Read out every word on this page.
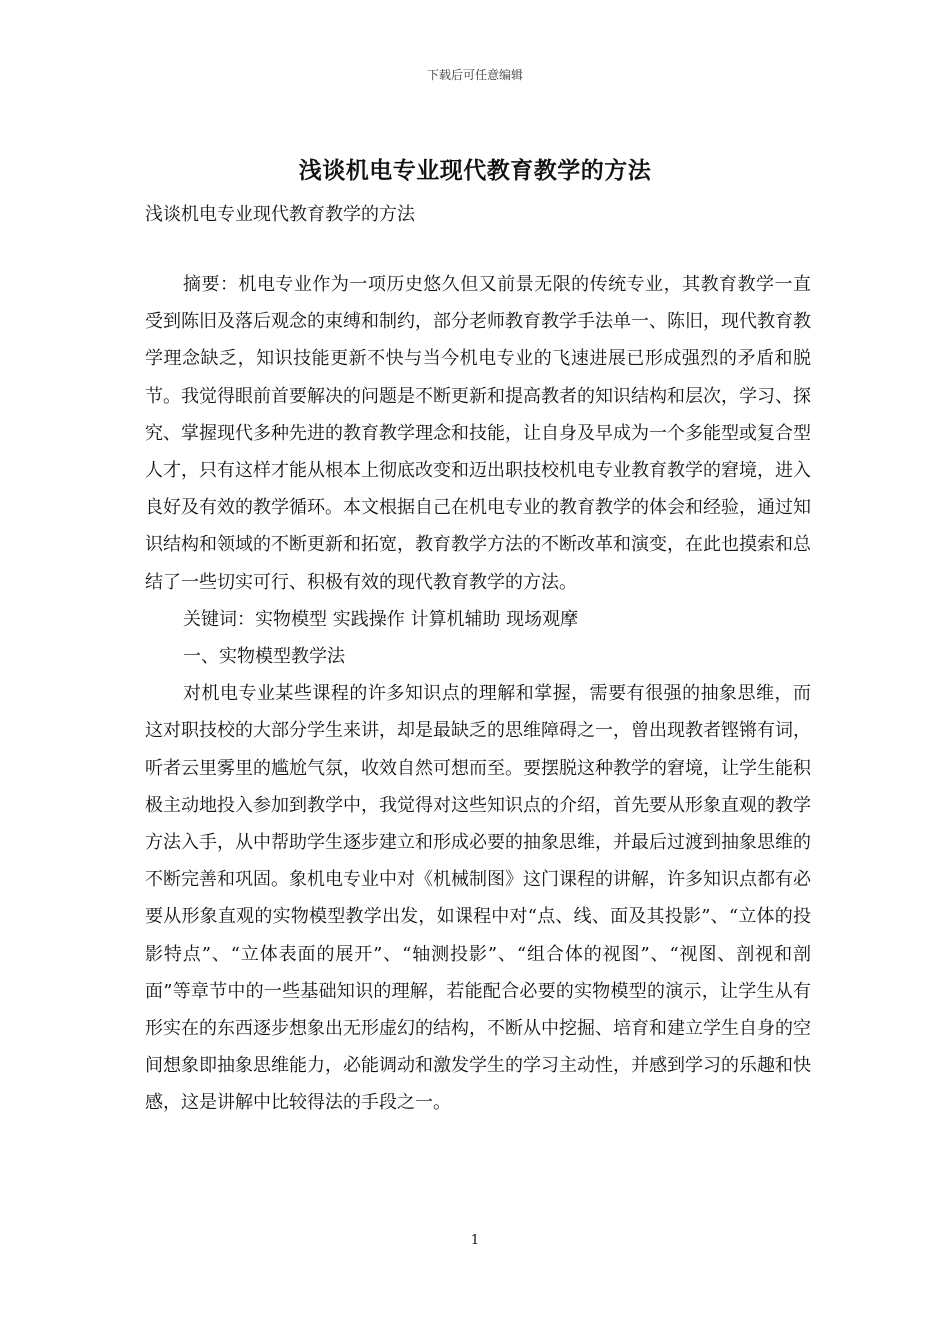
下载后可任意编辑
浅谈机电专业现代教育教学的方法

浅谈机电专业现代教育教学的方法

摘要：机电专业作为一项历史悠久但又前景无限的传统专业，其教育教学一直受到陈旧及落后观念的束缚和制约，部分老师教育教学手法单一、陈旧，现代教育教学理念缺乏，知识技能更新不快与当今机电专业的飞速进展已形成强烈的矛盾和脱节。我觉得眼前首要解决的问题是不断更新和提高教者的知识结构和层次，学习、探究、掌握现代多种先进的教育教学理念和技能，让自身及早成为一个多能型或复合型人才，只有这样才能从根本上彻底改变和迈出职技校机电专业教育教学的窘境，进入良好及有效的教学循环。本文根据自己在机电专业的教育教学的体会和经验，通过知识结构和领域的不断更新和拓宽，教育教学方法的不断改革和演变，在此也摸索和总结了一些切实可行、积极有效的现代教育教学的方法。

关键词：实物模型 实践操作 计算机辅助 现场观摩

一、实物模型教学法

对机电专业某些课程的许多知识点的理解和掌握，需要有很强的抽象思维，而这对职技校的大部分学生来讲，却是最缺乏的思维障碍之一，曾出现教者铿锵有词，听者云里雾里的尴尬气氛，收效自然可想而至。要摆脱这种教学的窘境，让学生能积极主动地投入参加到教学中，我觉得对这些知识点的介绍，首先要从形象直观的教学方法入手，从中帮助学生逐步建立和形成必要的抽象思维，并最后过渡到抽象思维的不断完善和巩固。象机电专业中对《机械制图》这门课程的讲解，许多知识点都有必要从形象直观的实物模型教学出发，如课程中对“点、线、面及其投影”、“立体的投影特点”、“立体表面的展开”、“轴测投影”、“组合体的视图”、“视图、剖视和剖面”等章节中的一些基础知识的理解，若能配合必要的实物模型的演示，让学生从有形实在的东西逐步想象出无形虚幻的结构，不断从中挖掘、培育和建立学生自身的空间想象即抽象思维能力，必能调动和激发学生的学习主动性，并感到学习的乐趣和快感，这是讲解中比较得法的手段之一。

1
